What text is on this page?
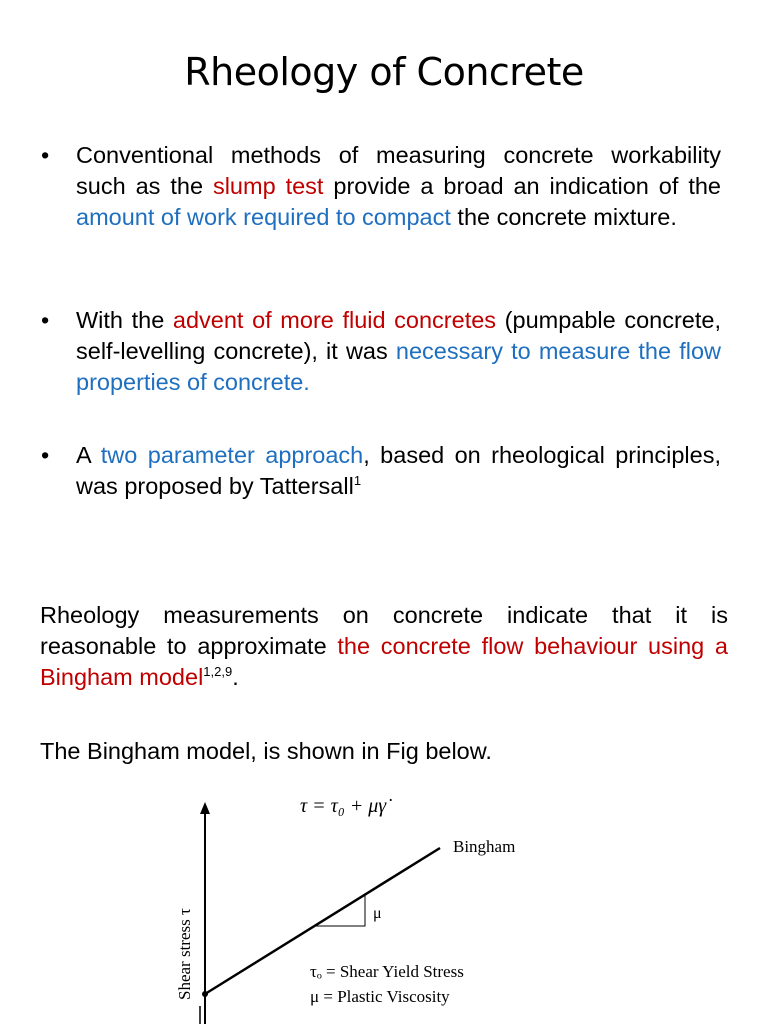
Rheology of Concrete
• Conventional methods of measuring concrete workability such as the slump test provide a broad an indication of the amount of work required to compact the concrete mixture.
• With the advent of more fluid concretes (pumpable concrete, self-levelling concrete), it was necessary to measure the flow properties of concrete.
• A two parameter approach, based on rheological principles, was proposed by Tattersall$^1$
Rheology measurements on concrete indicate that it is reasonable to approximate the concrete flow behaviour using a Bingham model$^{1,2,9}$.
The Bingham model, is shown in Fig below.
τ = τ₀ + μγ̇
Bingham
μ
Shear stress τ	τₒ = Shear Yield Stress
μ = Plastic Viscosity
